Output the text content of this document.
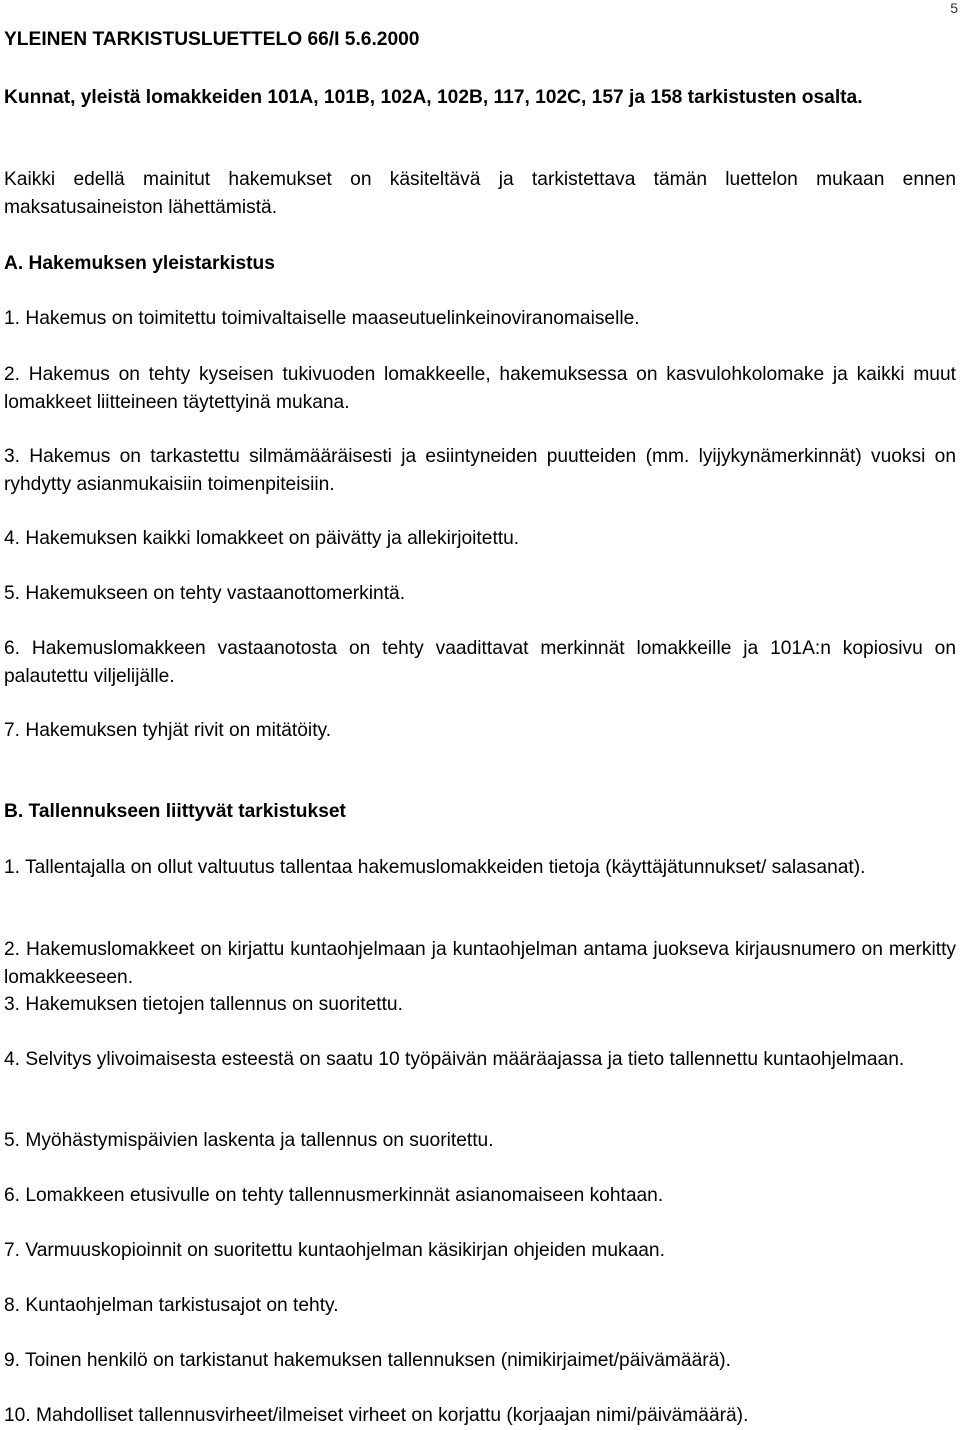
5
YLEINEN TARKISTUSLUETTELO 66/I 5.6.2000
Kunnat, yleistä lomakkeiden 101A, 101B, 102A, 102B, 117, 102C, 157 ja 158 tarkistusten osalta.
Kaikki edellä mainitut hakemukset on käsiteltävä ja tarkistettava tämän luettelon mukaan ennen maksatusaineiston lähettämistä.
A. Hakemuksen yleistarkistus
1. Hakemus on toimitettu toimivaltaiselle maaseutuelinkeinoviranomaiselle.
2. Hakemus on tehty kyseisen tukivuoden lomakkeelle, hakemuksessa on kasvulohkolomake ja kaikki muut lomakkeet liitteineen täytettyinä mukana.
3. Hakemus on tarkastettu silmämääräisesti ja esiintyneiden puutteiden (mm. lyijykynämerkinnät) vuoksi on ryhdytty asianmukaisiin toimenpiteisiin.
4. Hakemuksen kaikki lomakkeet on päivätty ja allekirjoitettu.
5. Hakemukseen on tehty vastaanottomerkintä.
6. Hakemuslomakkeen vastaanotosta on tehty vaadittavat merkinnät lomakkeille ja 101A:n kopiosivu on palautettu viljelijälle.
7. Hakemuksen tyhjät rivit on mitätöity.
B. Tallennukseen liittyvät tarkistukset
1. Tallentajalla on ollut valtuutus tallentaa hakemuslomakkeiden tietoja (käyttäjätunnukset/ salasanat).
2. Hakemuslomakkeet on kirjattu kuntaohjelmaan ja kuntaohjelman antama juokseva kirjausnumero on merkitty lomakkeeseen.
3. Hakemuksen tietojen tallennus on suoritettu.
4. Selvitys ylivoimaisesta esteestä on saatu 10 työpäivän määräajassa ja tieto tallennettu kuntaohjelmaan.
5. Myöhästymispäivien laskenta ja tallennus on suoritettu.
6. Lomakkeen etusivulle on tehty tallennusmerkinnät asianomaiseen kohtaan.
7. Varmuuskopioinnit on suoritettu kuntaohjelman käsikirjan ohjeiden mukaan.
8. Kuntaohjelman tarkistusajot on tehty.
9. Toinen henkilö on tarkistanut hakemuksen tallennuksen (nimikirjaimet/päivämäärä).
10. Mahdolliset tallennusvirheet/ilmeiset virheet on korjattu (korjaajan nimi/päivämäärä).
